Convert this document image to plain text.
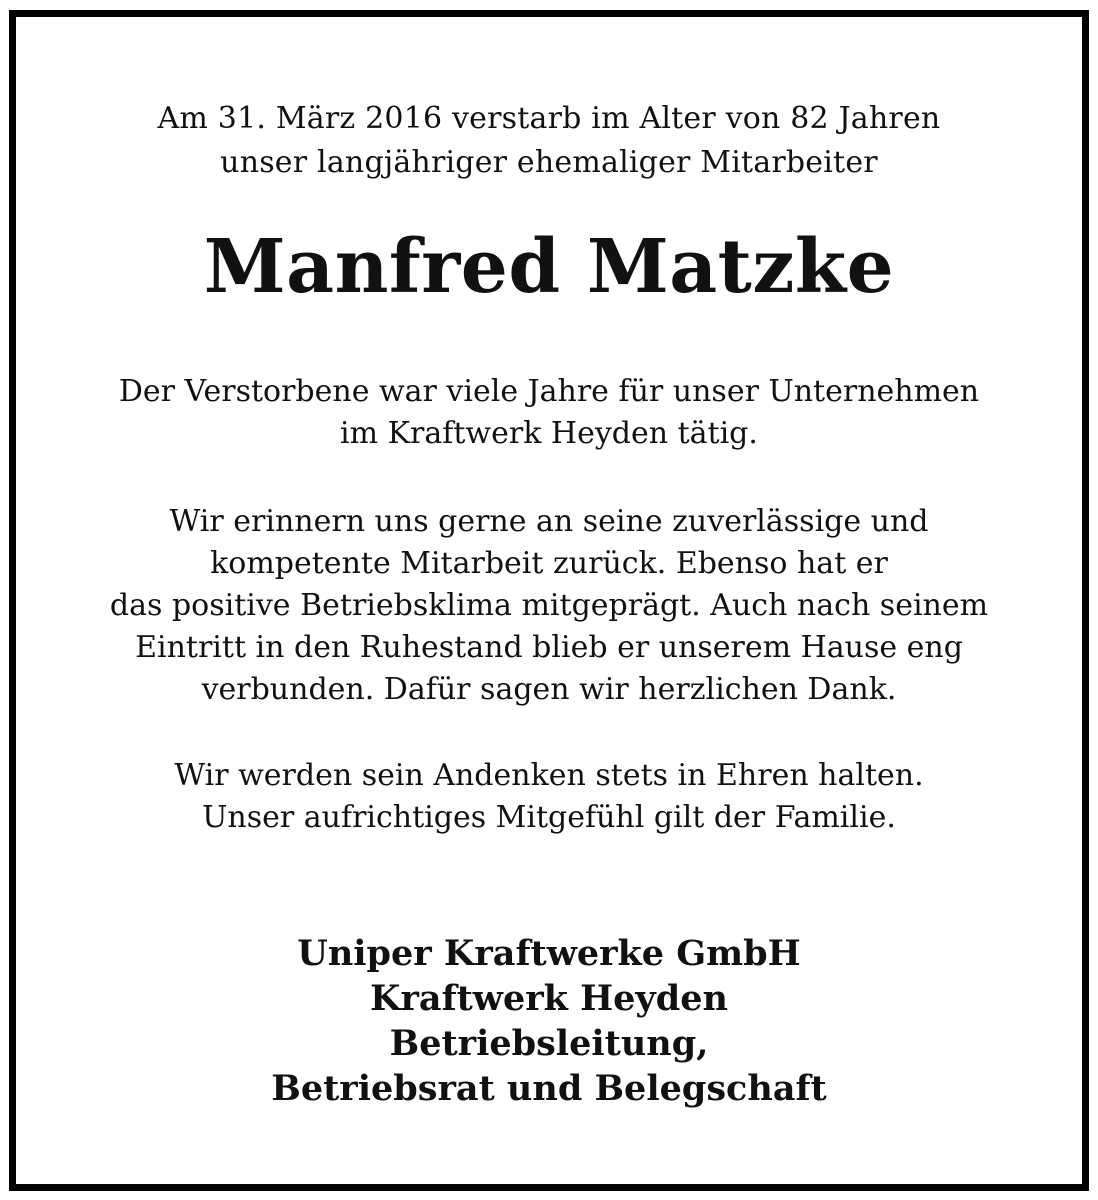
Am 31. März 2016 verstarb im Alter von 82 Jahren
unser langjähriger ehemaliger Mitarbeiter
Manfred Matzke
Der Verstorbene war viele Jahre für unser Unternehmen
im Kraftwerk Heyden tätig.
Wir erinnern uns gerne an seine zuverlässige und
kompetente Mitarbeit zurück. Ebenso hat er
das positive Betriebsklima mitgeprägt. Auch nach seinem
Eintritt in den Ruhestand blieb er unserem Hause eng
verbunden. Dafür sagen wir herzlichen Dank.
Wir werden sein Andenken stets in Ehren halten.
Unser aufrichtiges Mitgefühl gilt der Familie.
Uniper Kraftwerke GmbH
Kraftwerk Heyden
Betriebsleitung,
Betriebsrat und Belegschaft
